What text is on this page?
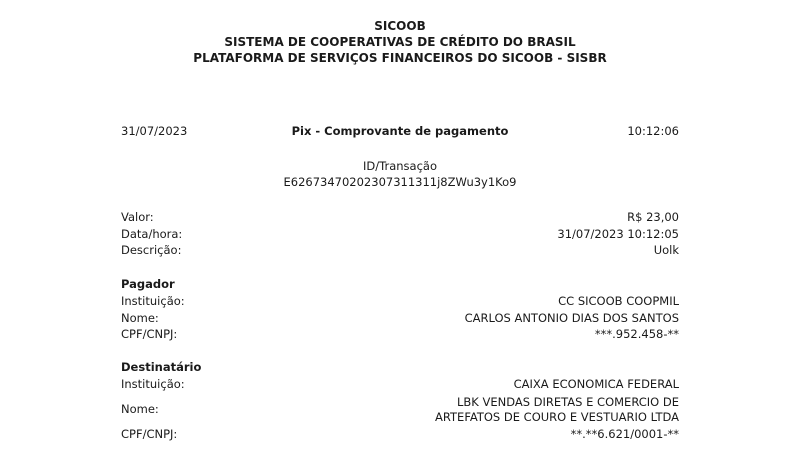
SICOOB
SISTEMA DE COOPERATIVAS DE CRÉDITO DO BRASIL
PLATAFORMA DE SERVIÇOS FINANCEIROS DO SICOOB - SISBR
31/07/2023	Pix - Comprovante de pagamento	10:12:06
ID/Transação
E62673470202307311311j8ZWu3y1Ko9
Valor:	R$ 23,00
Data/hora:	31/07/2023 10:12:05
Descrição:	Uolk
Pagador
Instituição:	CC SICOOB COOPMIL
Nome:	CARLOS ANTONIO DIAS DOS SANTOS
CPF/CNPJ:	***.952.458-**
Destinatário
Instituição:	CAIXA ECONOMICA FEDERAL
Nome:	LBK VENDAS DIRETAS E COMERCIO DE
ARTEFATOS DE COURO E VESTUARIO LTDA
CPF/CNPJ:	**.**6.621/0001-**
